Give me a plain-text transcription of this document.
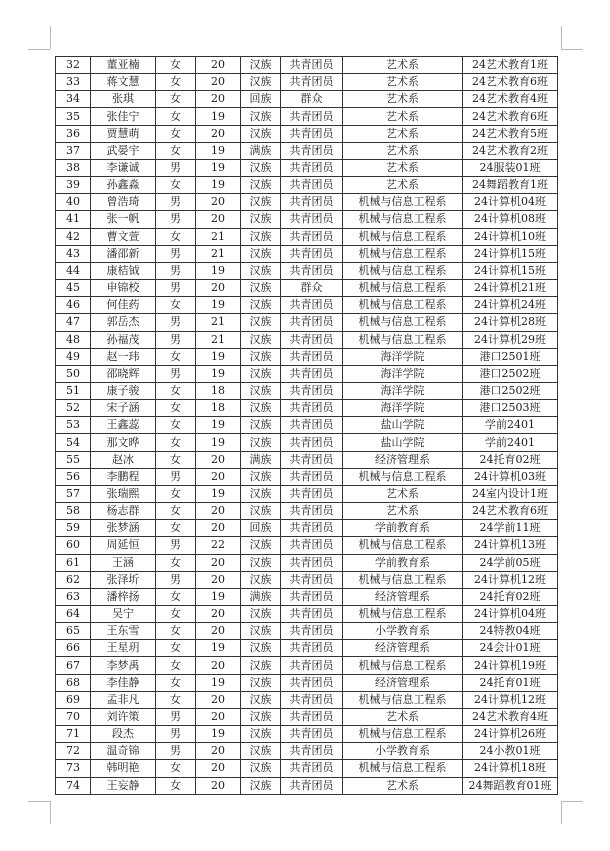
32	董亚楠	女	20	汉族	共青团员	艺术系	24艺术教育1班
33	蒋文慧	女	20	汉族	共青团员	艺术系	24艺术教育6班
34	张琪	女	20	回族	群众	艺术系	24艺术教育4班
35	张佳宁	女	19	汉族	共青团员	艺术系	24艺术教育6班
36	贾慧萌	女	20	汉族	共青团员	艺术系	24艺术教育5班
37	武晏宇	女	19	满族	共青团员	艺术系	24艺术教育2班
38	李谦诚	男	19	汉族	共青团员	艺术系	24服装01班
39	孙鑫淼	女	19	汉族	共青团员	艺术系	24舞蹈教育1班
40	曾浩琦	男	20	汉族	共青团员	机械与信息工程系	24计算机04班
41	张一帆	男	20	汉族	共青团员	机械与信息工程系	24计算机08班
42	曹文萱	女	21	汉族	共青团员	机械与信息工程系	24计算机10班
43	潘邵新	男	21	汉族	共青团员	机械与信息工程系	24计算机15班
44	康桔钺	男	19	汉族	共青团员	机械与信息工程系	24计算机15班
45	申锦校	男	20	汉族	群众	机械与信息工程系	24计算机21班
46	何佳药	女	19	汉族	共青团员	机械与信息工程系	24计算机24班
47	郭岳杰	男	21	汉族	共青团员	机械与信息工程系	24计算机28班
48	孙福茂	男	21	汉族	共青团员	机械与信息工程系	24计算机29班
49	赵一玮	女	19	汉族	共青团员	海洋学院	港口2501班
50	邵晓辉	男	19	汉族	共青团员	海洋学院	港口2502班
51	康子骏	女	18	汉族	共青团员	海洋学院	港口2502班
52	宋子涵	女	18	汉族	共青团员	海洋学院	港口2503班
53	王鑫蕊	女	19	汉族	共青团员	盐山学院	学前2401
54	那文晔	女	19	汉族	共青团员	盐山学院	学前2401
55	赵冰	女	20	满族	共青团员	经济管理系	24托育02班
56	李鹏程	男	20	汉族	共青团员	机械与信息工程系	24计算机03班
57	张瑞熙	女	19	汉族	共青团员	艺术系	24室内设计1班
58	杨志群	女	20	汉族	共青团员	艺术系	24艺术教育6班
59	张梦涵	女	20	回族	共青团员	学前教育系	24学前11班
60	周延恒	男	22	汉族	共青团员	机械与信息工程系	24计算机13班
61	王涵	女	20	汉族	共青团员	学前教育系	24学前05班
62	张泽圻	男	20	汉族	共青团员	机械与信息工程系	24计算机12班
63	潘梓扬	女	19	满族	共青团员	经济管理系	24托育02班
64	吴宁	女	20	汉族	共青团员	机械与信息工程系	24计算机04班
65	王东雪	女	20	汉族	共青团员	小学教育系	24特教04班
66	王星玥	女	19	汉族	共青团员	经济管理系	24会计01班
67	李梦禹	女	20	汉族	共青团员	机械与信息工程系	24计算机19班
68	李佳静	女	19	汉族	共青团员	经济管理系	24托育01班
69	孟非凡	女	20	汉族	共青团员	机械与信息工程系	24计算机12班
70	刘许策	男	20	汉族	共青团员	艺术系	24艺术教育4班
71	段杰	男	19	汉族	共青团员	机械与信息工程系	24计算机26班
72	温奇锦	男	20	汉族	共青团员	小学教育系	24小教01班
73	韩明艳	女	20	汉族	共青团员	机械与信息工程系	24计算机18班
74	王妄静	女	20	汉族	共青团员	艺术系	24舞蹈教育01班
